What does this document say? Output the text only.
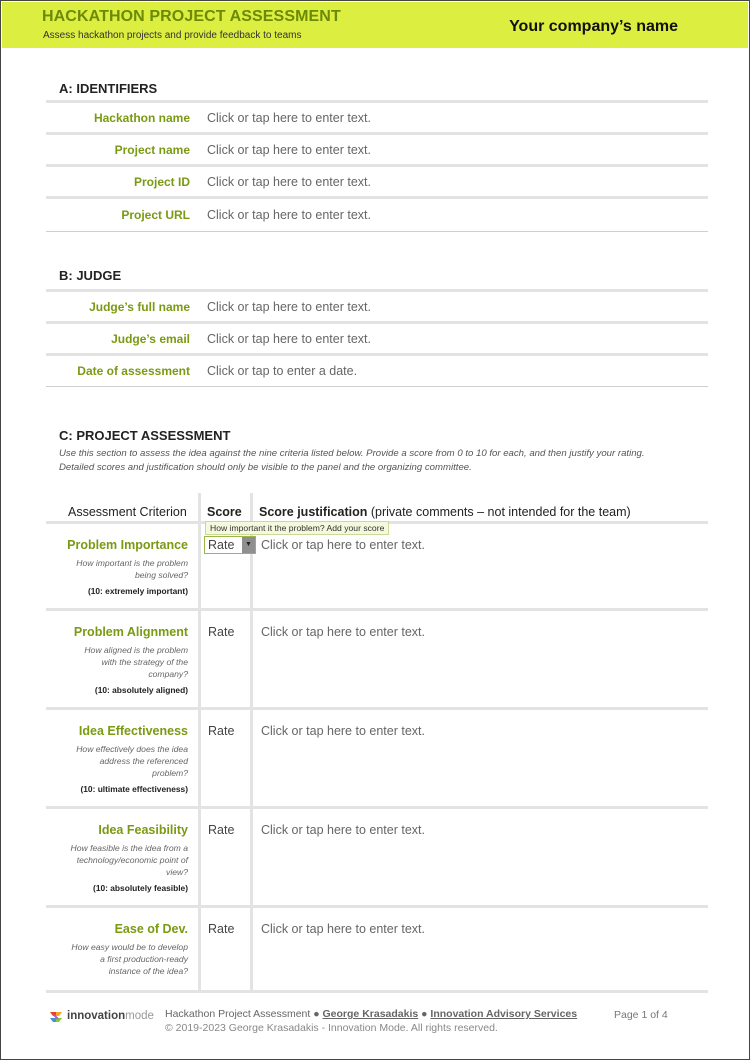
HACKATHON PROJECT ASSESSMENT
Assess hackathon projects and provide feedback to teams
Your company’s name
A: IDENTIFIERS
Hackathon name Click or tap here to enter text.
Project name Click or tap here to enter text.
Project ID Click or tap here to enter text.
Project URL Click or tap here to enter text.
B: JUDGE
Judge’s full name Click or tap here to enter text.
Judge’s email Click or tap here to enter text.
Date of assessment Click or tap to enter a date.
C: PROJECT ASSESSMENT
Use this section to assess the idea against the nine criteria listed below. Provide a score from 0 to 10 for each, and then justify your rating.
Detailed scores and justification should only be visible to the panel and the organizing committee.
Assessment Criterion Score Score justification (private comments – not intended for the team)
Problem Importance
How important is the problem
being solved?
(10: extremely important)
How important it the problem? Add your score
Rate	▼ Click or tap here to enter text.
Problem Alignment
How aligned is the problem
with the strategy of the
company?
(10: absolutely aligned)
Rate Click or tap here to enter text.
Idea Effectiveness
How effectively does the idea
address the referenced
problem?
(10: ultimate effectiveness)
Rate Click or tap here to enter text.
Idea Feasibility
How feasible is the idea from a
technology/economic point of
view?
(10: absolutely feasible)
Rate Click or tap here to enter text.
Ease of Dev.
How easy would be to develop
a first production-ready
instance of the idea?
Rate Click or tap here to enter text.
innovationmode Hackathon Project Assessment ● George Krasadakis ● Innovation Advisory Services
© 2019-2023 George Krasadakis - Innovation Mode. All rights reserved.
Page 1 of 4
